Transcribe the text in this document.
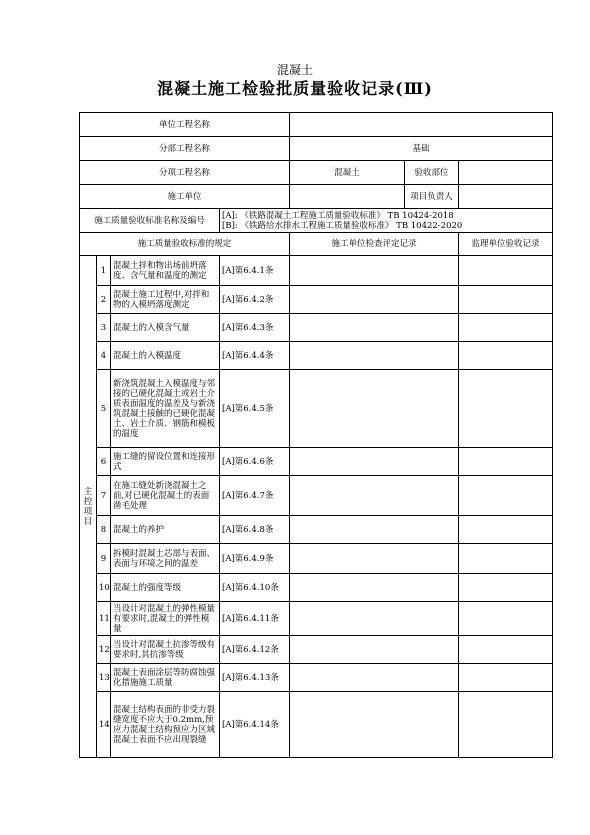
混凝土
混凝土施工检验批质量验收记录(Ⅲ)
单位工程名称						
分部工程名称				基础		
分项工程名称				混凝土	验收部位	
施工单位					项目负责人	
施工质量验收标准名称及编号			[A]: 《铁路混凝土工程施工质量验收标准》 TB 10424-2018
[B]: 《铁路给水排水工程施工质量验收标准》 TB 10422-2020			

施工质量验收标准的规定				施工单位检查评定记录		监理单位验收记录
主控项目	1	混凝土拌和物出场前坍落度、含气量和温度的测定	[A]第6.4.1条			
	2	混凝土施工过程中,对拌和物的入模坍落度测定	[A]第6.4.2条			
	3	混凝土的入模含气量	[A]第6.4.3条			
	4	混凝土的入模温度	[A]第6.4.4条			
	5	新浇筑混凝土入模温度与邻接的已硬化混凝土或岩土介质表面温度的温差及与新浇筑混凝土接触的已硬化混凝土、岩土介质、钢筋和模板的温度	[A]第6.4.5条			
	6	施工缝的留设位置和连接形式	[A]第6.4.6条			
	7	在施工缝处新浇混凝土之前,对已硬化混凝土的表面凿毛处理	[A]第6.4.7条			
	8	混凝土的养护	[A]第6.4.8条			
	9	拆模时混凝土芯部与表面、表面与环境之间的温差	[A]第6.4.9条			
	10	混凝土的强度等级	[A]第6.4.10条			
	11	当设计对混凝土的弹性模量有要求时,混凝土的弹性模量	[A]第6.4.11条			
	12	当设计对混凝土抗渗等级有要求时,其抗渗等级	[A]第6.4.12条			
	13	混凝土表面涂层等防腐蚀强化措施施工质量	[A]第6.4.13条			
	14	混凝土结构表面的非受力裂缝宽度不应大于0.2mm,预应力混凝土结构预应力区域混凝土表面不应出现裂缝	[A]第6.4.14条			
